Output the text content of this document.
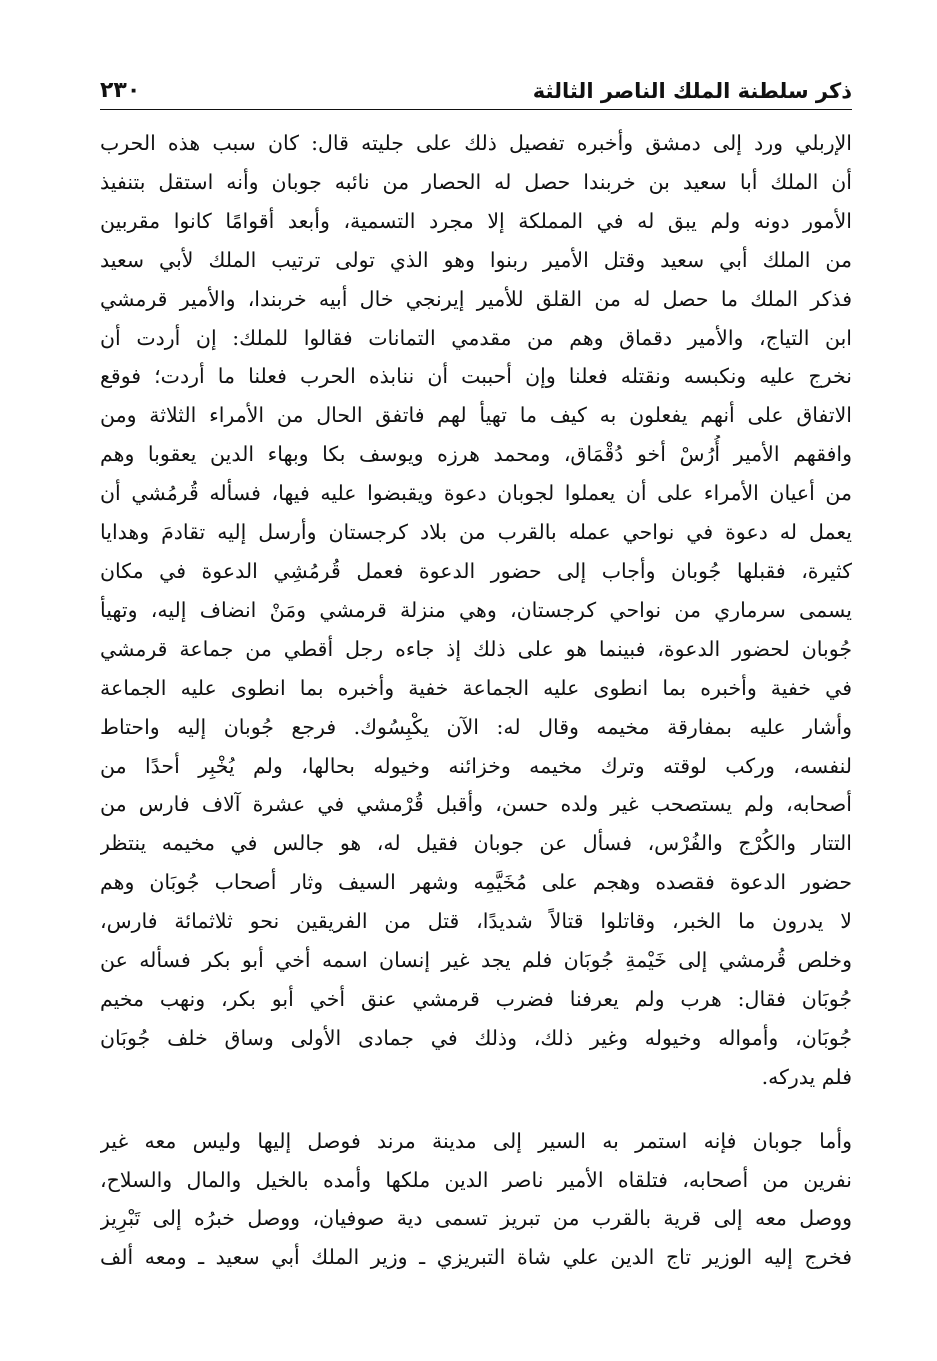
٢٣٠	ذكر سلطنة الملك الناصر الثالثة
الإربلي ورد إلى دمشق وأخبره تفصيل ذلك على جليته قال: كان سبب هذه الحرب
أن الملك أبا سعيد بن خربندا حصل له الحصار من نائبه جوبان وأنه استقل بتنفيذ
الأمور دونه ولم يبق له في المملكة إلا مجرد التسمية، وأبعد أقوامًا كانوا مقربين
من الملك أبي سعيد وقتل الأمير ربنوا وهو الذي تولى ترتيب الملك لأبي سعيد
فذكر الملك ما حصل له من القلق للأمير إيرنجي خال أبيه خربندا، والأمير قرمشي
ابن التياج، والأمير دقماق وهم من مقدمي التمانات فقالوا للملك: إن أردت أن
نخرج عليه ونكبسه ونقتله فعلنا وإن أحببت أن ننابذه الحرب فعلنا ما أردت؛ فوقع
الاتفاق على أنهم يفعلون به كيف ما تهيأ لهم فاتفق الحال من الأمراء الثلاثة ومن
وافقهم الأمير أُرُسْ أخو دُقْمَاق، ومحمد هرزه ويوسف بكا وبهاء الدين يعقوبا وهم
من أعيان الأمراء على أن يعملوا لجوبان دعوة ويقبضوا عليه فيها، فسأله قُرمُشي أن
يعمل له دعوة في نواحي عمله بالقرب من بلاد كرجستان وأرسل إليه تقادمَ وهدايا
كثيرة، فقبلها جُوبان وأجاب إلى حضور الدعوة فعمل قُرمُشِي الدعوة في مكان
يسمى سرماري من نواحي كرجستان، وهي منزلة قرمشي ومَنْ انضاف إليه، وتهيأ
جُوبان لحضور الدعوة، فبينما هو على ذلك إذ جاءه رجل أقطي من جماعة قرمشي
في خفية وأخبره بما انطوى عليه الجماعة خفية وأخبره بما انطوى عليه الجماعة
وأشار عليه بمفارقة مخيمه وقال له: الآن يكْبِسُوك. فرجع جُوبان إليه واحتاط
لنفسه، وركب لوقته وترك مخيمه وخزائنه وخيوله بحالها، ولم يُخْبِر أحدًا من
أصحابه، ولم يستصحب غير ولده حسن، وأقبل قُرْمشي في عشرة آلاف فارس من
التتار والكُرْج والفُرْس، فسأل عن جوبان فقيل له، هو جالس في مخيمه ينتظر
حضور الدعوة فقصده وهجم على مُخَيَّمِه وشهر السيف وثار أصحاب جُوبَان وهم
لا يدرون ما الخبر، وقاتلوا قتالاً شديدًا، قتل من الفريقين نحو ثلاثمائة فارس،
وخلص قُرمشي إلى خَيْمةِ جُوبَان فلم يجد غير إنسان اسمه أخي أبو بكر فسأله عن
جُوبَان فقال: هرب ولم يعرفنا فضرب قرمشي عنق أخي أبو بكر، ونهب مخيم
جُوبَان، وأمواله وخيوله وغير ذلك، وذلك في جمادى الأولى وساق خلف جُوبَان
فلم يدركه.
وأما جوبان فإنه استمر به السير إلى مدينة مرند فوصل إليها وليس معه غير
نفرين من أصحابه، فتلقاه الأمير ناصر الدين ملكها وأمده بالخيل والمال والسلاح،
ووصل معه إلى قرية بالقرب من تبريز تسمى دية صوفيان، ووصل خبرُه إلى تَبْرِيز
فخرج إليه الوزير تاج الدين علي شاة التبريزي ـ وزير الملك أبي سعيد ـ ومعه ألف
